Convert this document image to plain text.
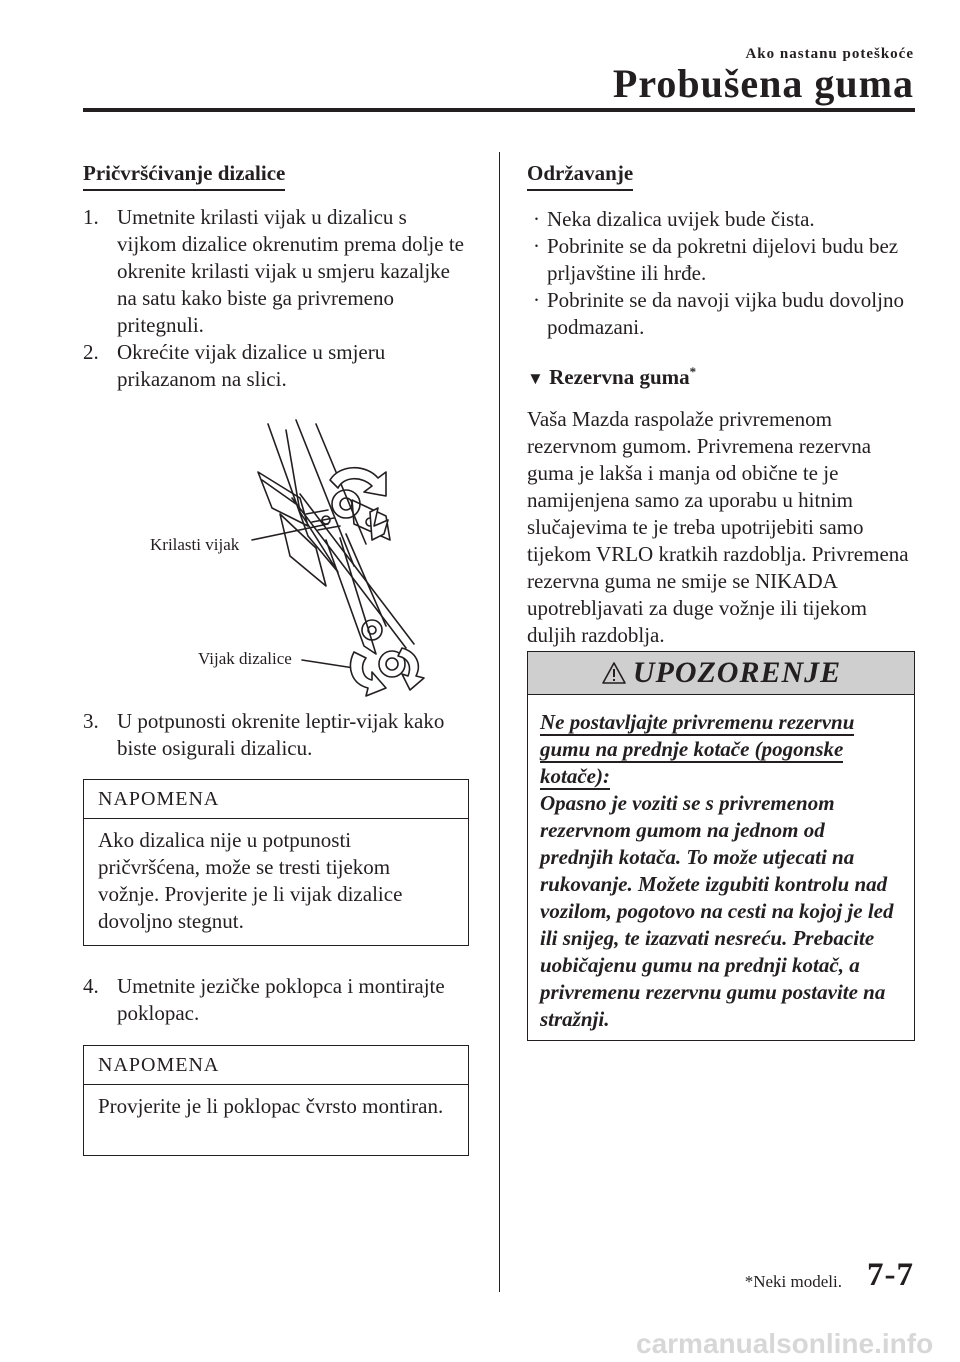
Ako nastanu poteškoće
Probušena guma
Pričvršćivanje dizalice

1. Umetnite krilasti vijak u dizalicu s vijkom dizalice okrenutim prema dolje te okrenite krilasti vijak u smjeru kazaljke na satu kako biste ga privremeno pritegnuli.

2. Okrećite vijak dizalice u smjeru prikazanom na slici.

Krilasti vijak
Vijak dizalice

3. U potpunosti okrenite leptir-vijak kako biste osigurali dizalicu.

NAPOMENA
Ako dizalica nije u potpunosti pričvršćena, može se tresti tijekom vožnje. Provjerite je li vijak dizalice dovoljno stegnut.

4. Umetnite jezičke poklopca i montirajte poklopac.

NAPOMENA
Provjerite je li poklopac čvrsto montiran.
Održavanje
· Neka dizalica uvijek bude čista.
· Pobrinite se da pokretni dijelovi budu bez prljavštine ili hrđe.
· Pobrinite se da navoji vijka budu dovoljno podmazani.
▼ Rezervna guma*

Vaša Mazda raspolaže privremenom rezervnom gumom. Privremena rezervna guma je lakša i manja od obične te je namijenjena samo za uporabu u hitnim slučajevima te je treba upotrijebiti samo tijekom VRLO kratkih razdoblja. Privremena rezervna guma ne smije se NIKADA upotrebljavati za duge vožnje ili tijekom duljih razdoblja.

UPOZORENJE
Ne postavljajte privremenu rezervnu gumu na prednje kotače (pogonske kotače):
Opasno je voziti se s privremenom rezervnom gumom na jednom od prednjih kotača. To može utjecati na rukovanje. Možete izgubiti kontrolu nad vozilom, pogotovo na cesti na kojoj je led ili snijeg, te izazvati nesreću. Prebacite uobičajenu gumu na prednji kotač, a privremenu rezervnu gumu postavite na stražnji.
*Neki modeli. 7-7
carmanualsonline.info
